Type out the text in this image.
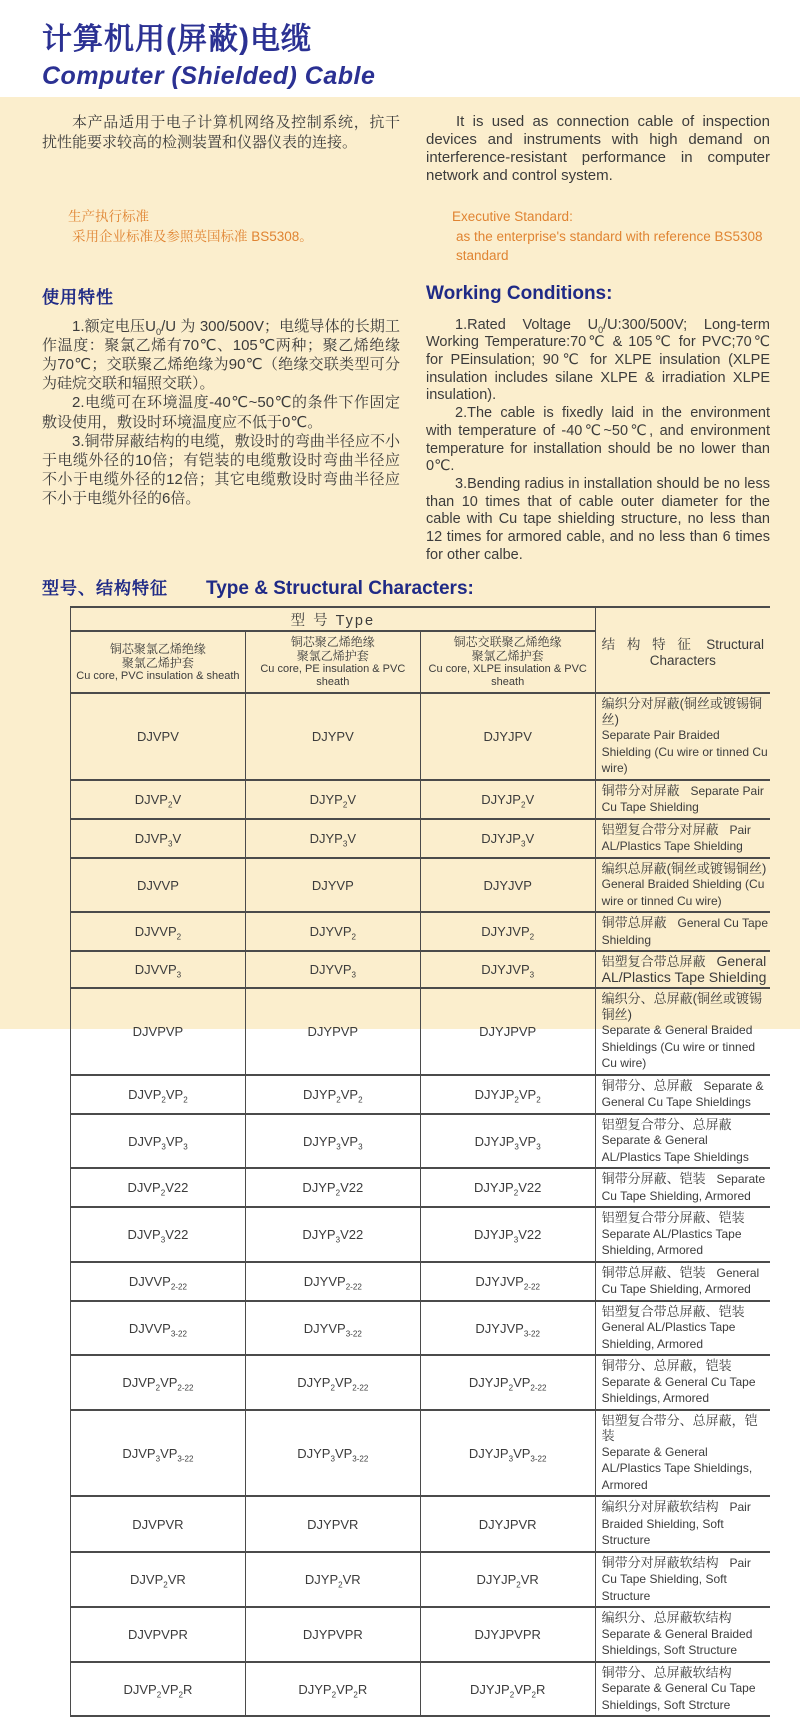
计算机用(屏蔽)电缆
Computer (Shielded) Cable

本产品适用于电子计算机网络及控制系统，抗干扰性能要求较高的检测装置和仪器仪表的连接。

It is used as connection cable of inspection devices and instruments with high demand on interference-resistant performance in computer network and control system.

生产执行标准
采用企业标准及参照英国标准 BS5308。
Executive Standard:
as the enterprise's standard with reference BS5308 standard
使用特性	Working Conditions:

1.额定电压$U_0/U$ 为 300/500V；电缆导体的长期工作温度：聚氯乙烯有70℃、105℃两种；聚乙烯绝缘为70℃；交联聚乙烯绝缘为90℃（绝缘交联类型可分为硅烷交联和辐照交联）。

2.电缆可在环境温度-40℃~50℃的条件下作固定敷设使用，敷设时环境温度应不低于0℃。

3.铜带屏蔽结构的电缆，敷设时的弯曲半径应不小于电缆外径的10倍；有铠装的电缆敷设时弯曲半径应不小于电缆外径的12倍；其它电缆敷设时弯曲半径应不小于电缆外径的6倍。

1.Rated Voltage $U_0/U:300/500V$; Long-term Working Temperature:70℃ & 105℃ for PVC;70℃ for PEinsulation; 90℃ for XLPE insulation (XLPE insulation includes silane XLPE & irradiation XLPE insulation).

2.The cable is fixedly laid in the environment with temperature of -40℃~50℃, and environment temperature for installation should be no lower than 0℃.

3.Bending radius in installation should be no less than 10 times that of cable outer diameter for the cable with Cu tape shielding structure, no less than 12 times for armored cable, and no less than 6 times for other calbe.

型号、结构特征 Type & Structural Characters:
型 号 Type			结 构 特 征 Structural Characters

铜芯聚氯乙烯绝缘
聚氯乙烯护套
Cu core, PVC insulation & sheath	铜芯聚乙烯绝缘
聚氯乙烯护套
Cu core, PE insulation & PVC sheath	铜芯交联聚乙烯绝缘
聚氯乙烯护套
Cu core, XLPE insulation & PVC sheath	

DJVPV	DJYPV	DJYJPV	编织分对屏蔽(铜丝或镀锡铜丝)
Separate Pair Braided Shielding (Cu wire or tinned Cu wire)
$DJVP_2V$	$DJYP_2V$	$DJYJP_2V$	铜带分对屏蔽 Separate Pair Cu Tape Shielding
$DJVP_3V$	$DJYP_3V$	$DJYJP_3V$	铝塑复合带分对屏蔽 Pair AL/Plastics Tape Shielding
DJVVP	DJYVP	DJYJVP	编织总屏蔽(铜丝或镀锡铜丝)
General Braided Shielding (Cu wire or tinned Cu wire)
$DJVVP_2$	$DJYVP_2$	$DJYJVP_2$	铜带总屏蔽 General Cu Tape Shielding
$DJVVP_3$	$DJYVP_3$	$DJYJVP_3$	铝塑复合带总屏蔽 General AL/Plastics Tape Shielding
DJVPVP	DJYPVP	DJYJPVP	编织分、总屏蔽(铜丝或镀锡铜丝)
Separate & General Braided Shieldings (Cu wire or tinned Cu wire)
$DJVP_2VP_2$	$DJYP_2VP_2$	$DJYJP_2VP_2$	铜带分、总屏蔽 Separate & General Cu Tape Shieldings
$DJVP_3VP_3$	$DJYP_3VP_3$	$DJYJP_3VP_3$	铝塑复合带分、总屏蔽   Separate & General AL/Plastics Tape Shieldings
$DJVP_2V22$	$DJYP_2V22$	$DJYJP_2V22$	铜带分屏蔽、铠装 Separate Cu Tape Shielding, Armored
$DJVP_3V22$	$DJYP_3V22$	$DJYJP_3V22$	铝塑复合带分屏蔽、铠装   Separate AL/Plastics Tape Shielding, Armored
$DJVVP_{2-22}$	$DJYVP_{2-22}$	$DJYJVP_{2-22}$	铜带总屏蔽、铠装 General Cu Tape Shielding, Armored
$DJVVP_{3-22}$	$DJYVP_{3-22}$	$DJYJVP_{3-22}$	铝塑复合带总屏蔽、铠装   General AL/Plastics Tape Shielding, Armored
$DJVP_2VP_{2-22}$	$DJYP_2VP_{2-22}$	$DJYJP_2VP_{2-22}$	铜带分、总屏蔽，铠装   Separate & General Cu Tape Shieldings, Armored
$DJVP_3VP_{3-22}$	$DJYP_3VP_{3-22}$	$DJYJP_3VP_{3-22}$	铝塑复合带分、总屏蔽，铠装
Separate & General AL/Plastics Tape Shieldings, Armored
DJVPVR	DJYPVR	DJYJPVR	编织分对屏蔽软结构 Pair Braided Shielding, Soft Structure
$DJVP_2VR$	$DJYP_2VR$	$DJYJP_2VR$	铜带分对屏蔽软结构 Pair Cu Tape Shielding, Soft Structure
DJVPVPR	DJYPVPR	DJYJPVPR	编织分、总屏蔽软结构   Separate & General Braided Shieldings, Soft Structure
$DJVP_2VP_2R$	$DJYP_2VP_2R$	$DJYJP_2VP_2R$	铜带分、总屏蔽软结构   Separate & General Cu Tape Shieldings, Soft Strcture
